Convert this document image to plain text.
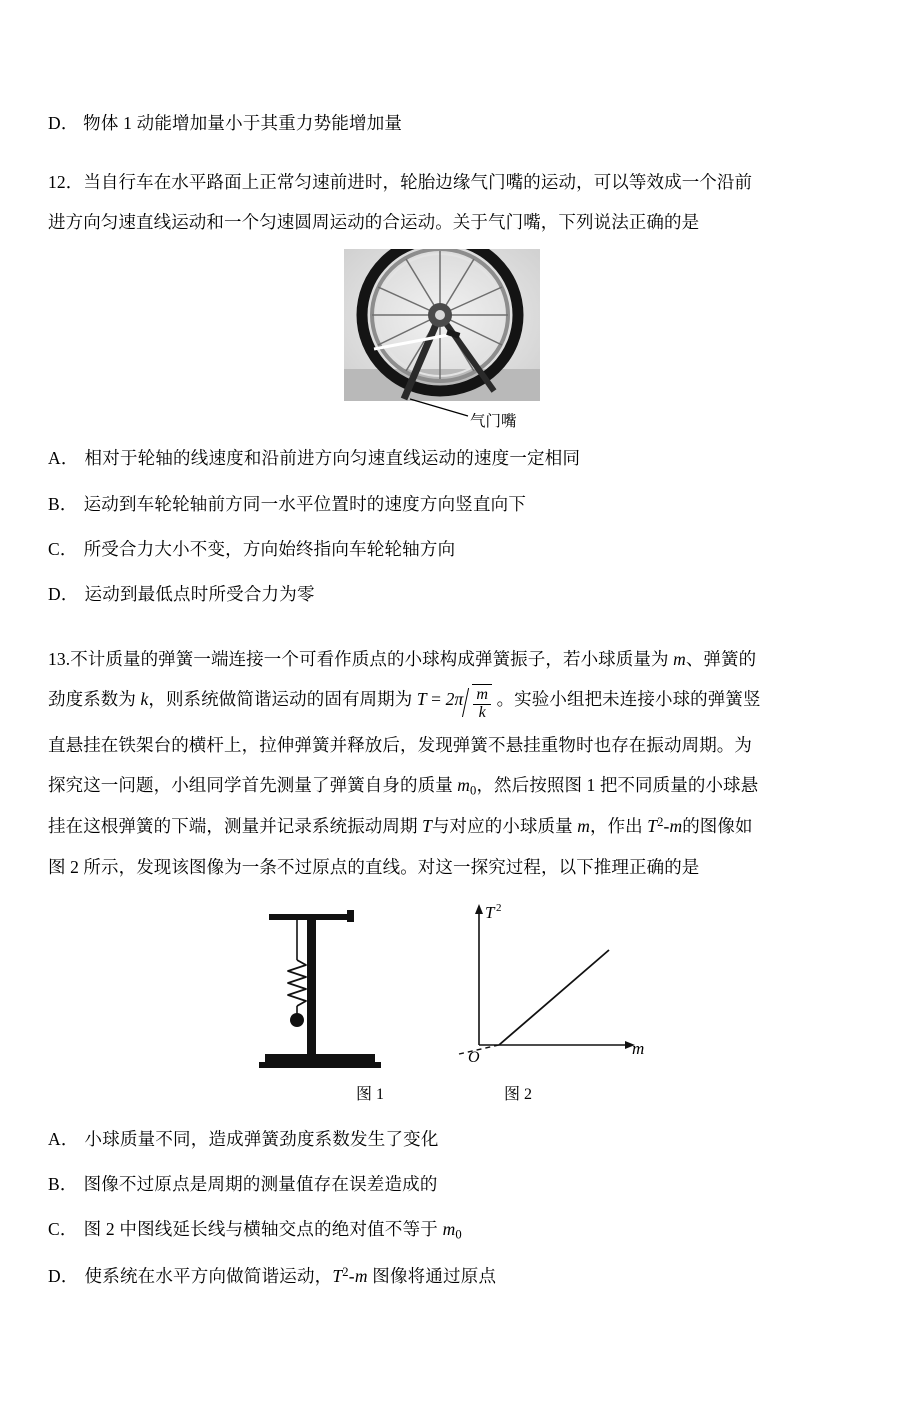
D． 物体 1 动能增加量小于其重力势能增加量

12．当自行车在水平路面上正常匀速前进时，轮胎边缘气门嘴的运动，可以等效成一个沿前

进方向匀速直线运动和一个匀速圆周运动的合运动。关于气门嘴，下列说法正确的是

气门嘴

A． 相对于轮轴的线速度和沿前进方向匀速直线运动的速度一定相同

B． 运动到车轮轮轴前方同一水平位置时的速度方向竖直向下

C． 所受合力大小不变，方向始终指向车轮轮轴方向

D． 运动到最低点时所受合力为零

13.不计质量的弹簧一端连接一个可看作质点的小球构成弹簧振子，若小球质量为 m、弹簧的

劲度系数为 k，则系统做简谐运动的固有周期为 $T = 2\pi \frac{m}{k}$ 。实验小组把未连接小球的弹簧竖

直悬挂在铁架台的横杆上，拉伸弹簧并释放后，发现弹簧不悬挂重物时也存在振动周期。为

探究这一问题，小组同学首先测量了弹簧自身的质量 $m_0$，然后按照图 1 把不同质量的小球悬

挂在这根弹簧的下端，测量并记录系统振动周期 T与对应的小球质量 m，作出 $T^2-m$的图像如

图 2 所示，发现该图像为一条不过原点的直线。对这一探究过程，以下推理正确的是

T 2
m
O
图 1	图 2

A． 小球质量不同，造成弹簧劲度系数发生了变化

B． 图像不过原点是周期的测量值存在误差造成的

C． 图 2 中图线延长线与横轴交点的绝对值不等于 $m_0$

D． 使系统在水平方向做简谐运动，$T^2-m$ 图像将通过原点
